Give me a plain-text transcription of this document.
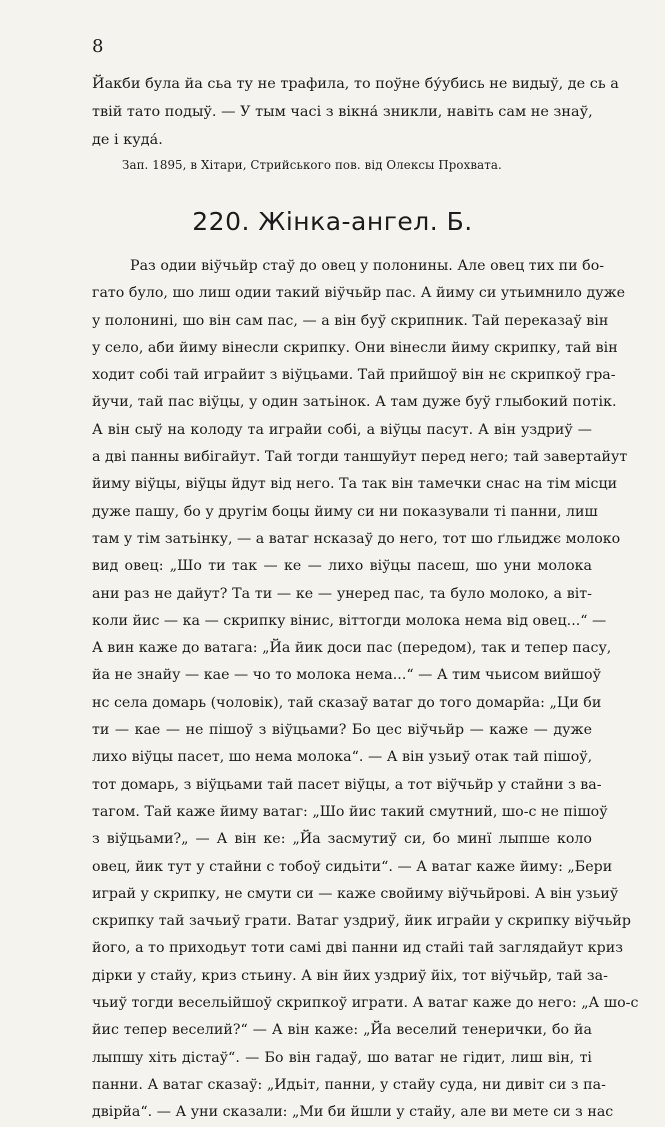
8
Йакби була йа сьа ту не трафила, то поўне бу́убись не видыў, де сь а
твій тато подыў. — У тым часі з вікна́ зникли, навіть сам не знаў,
де і куда́.
Зап. 1895, в Хітари, Стрийського пов. від Олексы Прохвата.
220. Жінка-ангел. Б.
Раз одии віўчьйр стаў до овец у полонины. Але овец тих пи бо-
гато було, шо лиш одии такий віўчьйр пас. А йиму си утьимнило дуже
у полонині, шо він сам пас, — а він буў скрипник. Тай переказаў він
у село, аби йиму вінесли скрипку. Они вінесли йиму скрипку, тай він
ходит собі тай играйит з віўцьами. Тай прийшоў він нє скрипкоў гра-
йучи, тай пас віўцы, у один затьінок. А там дуже буў глыбокий потік.
А він сыў на колоду та играйи собі, а віўцы пасут. А він уздриў —
а дві панны вибігайут. Тай тогди таншуйут перед него; тай завертайут
йиму віўцы, віўцы йдут від него. Та так він тамечки снас на тім місци
дуже пашу, бо у другім боцы йиму си ни показували ті панни, лиш
там у тім затьінку, — а ватаг нсказаў до него, тот шо ґльиджє молоко
вид овец: „Шо ти так — ке — лихо віўцы пасеш, шо уни молока
ани раз не дайут? Та ти — ке — унеред пас, та було молоко, а віт-
коли йис — ка — скрипку вінис, віттогди молока нема від овец...“ —
А вин каже до ватага: „Йа йик доси пас (передом), так и тепер пасу,
йа не знайу — кае — чо то молока нема...“ — А тим чьисом вийшоў
нс села домарь (чоловік), тай сказаў ватаг до того домарйа: „Ци би
ти — кае — не пішоў з віўцьами? Бо цес віўчьйр — каже — дуже
лихо віўцы пасет, шо нема молока“. — А він узьиў отак тай пішоў,
тот домарь, з віўцьами тай пасет віўцы, а тот віўчьйр у стайни з ва-
тагом. Тай каже йиму ватаг: „Шо йис такий смутний, шо-с не пішоў
з віўцьами?„ — А він ке: „Йа засмутиў си, бо минї лыпше коло
овец, йик тут у стайни с тобоў сидьіти“. — А ватаг каже йиму: „Бери
играй у скрипку, не смути си — каже свойиму віўчьйрові. А він узьиў
скрипку тай зачьиў грати. Ватаг уздриў, йик играйи у скрипку віўчьйр
його, а то приходьут тоти самі дві панни ид стайі тай заглядайут криз
дірки у стайу, криз стьину. А він йих уздриў йіх, тот віўчьйр, тай за-
чьиў тогди весельійшоў скрипкоў играти. А ватаг каже до него: „А шо-с
йис тепер веселий?“ — А він каже: „Йа веселий тенерички, бо йа
лыпшу хіть дістаў“. — Бо він гадаў, шо ватаг не гідит, лиш він, ті
панни. А ватаг сказаў: „Идьіт, панни, у стайу суда, ни дивіт си з па-
двірйа“. — А уни сказали: „Ми би йшли у стайу, але ви мете си з нас
